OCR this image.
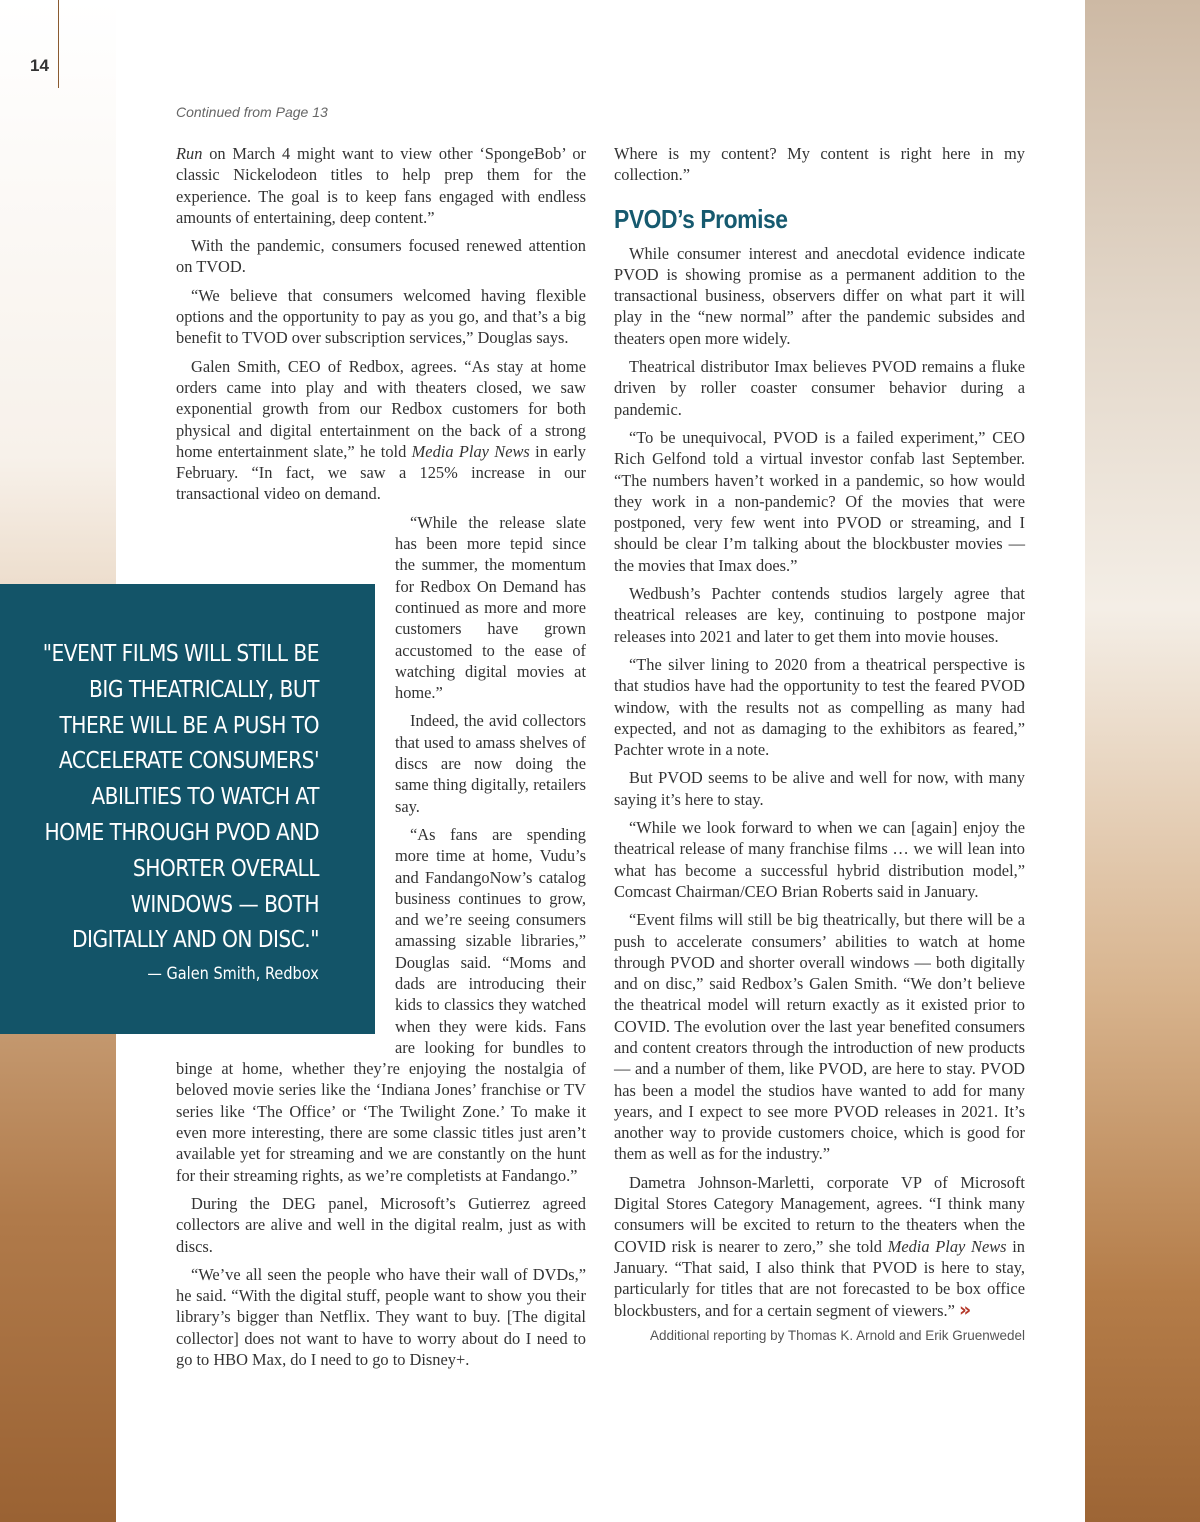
14
Continued from Page 13

Run on March 4 might want to view other ‘SpongeBob’ or classic Nickelodeon titles to help prep them for the experience. The goal is to keep fans engaged with endless amounts of entertaining, deep content.”

With the pandemic, consumers focused renewed attention on TVOD.

“We believe that consumers welcomed having flexible options and the opportunity to pay as you go, and that’s a big benefit to TVOD over subscription services,” Douglas says.

Galen Smith, CEO of Redbox, agrees. “As stay at home orders came into play and with theaters closed, we saw exponential growth from our Redbox customers for both physical and digital entertainment on the back of a strong home entertainment slate,” he told Media Play News in early February. “In fact, we saw a 125% increase in our transactional video on demand.

“While the release slate has been more tepid since the summer, the momentum for Redbox On Demand has continued as more and more customers have grown accustomed to the ease of watching digital movies at home.”

Indeed, the avid collectors that used to amass shelves of discs are now doing the same thing digitally, retailers say.

“As fans are spending more time at home, Vudu’s and FandangoNow’s catalog business continues to grow, and we’re seeing consumers amassing sizable libraries,” Douglas said. “Moms and dads are introducing their kids to classics they watched when they were kids. Fans are looking for bundles to binge at home, whether they’re enjoying the nostalgia of beloved movie series like the ‘Indiana Jones’ franchise or TV series like ‘The Office’ or ‘The Twilight Zone.’ To make it even more interesting, there are some classic titles just aren’t available yet for streaming and we are constantly on the hunt for their streaming rights, as we’re completists at Fandango.”

During the DEG panel, Microsoft’s Gutierrez agreed collectors are alive and well in the digital realm, just as with discs.

“We’ve all seen the people who have their wall of DVDs,” he said. “With the digital stuff, people want to show you their library’s bigger than Netflix. They want to buy. [The digital collector] does not want to have to worry about do I need to go to HBO Max, do I need to go to Disney+.

Where is my content? My content is right here in my collection.”

PVOD’s Promise

While consumer interest and anecdotal evidence indicate PVOD is showing promise as a permanent addition to the transactional business, observers differ on what part it will play in the “new normal” after the pandemic subsides and theaters open more widely.

Theatrical distributor Imax believes PVOD remains a fluke driven by roller coaster consumer behavior during a pandemic.

“To be unequivocal, PVOD is a failed experiment,” CEO Rich Gelfond told a virtual investor confab last September. “The numbers haven’t worked in a pandemic, so how would they work in a non-pandemic? Of the movies that were postponed, very few went into PVOD or streaming, and I should be clear I’m talking about the blockbuster movies — the movies that Imax does.”

Wedbush’s Pachter contends studios largely agree that theatrical releases are key, continuing to postpone major releases into 2021 and later to get them into movie houses.

“The silver lining to 2020 from a theatrical perspective is that studios have had the opportunity to test the feared PVOD window, with the results not as compelling as many had expected, and not as damaging to the exhibitors as feared,” Pachter wrote in a note.

But PVOD seems to be alive and well for now, with many saying it’s here to stay.

“While we look forward to when we can [again] enjoy the theatrical release of many franchise films … we will lean into what has become a successful hybrid distribution model,” Comcast Chairman/CEO Brian Roberts said in January.

“Event films will still be big theatrically, but there will be a push to accelerate consumers’ abilities to watch at home through PVOD and shorter overall windows — both digitally and on disc,” said Redbox’s Galen Smith. “We don’t believe the theatrical model will return exactly as it existed prior to COVID. The evolution over the last year benefited consumers and content creators through the introduction of new products — and a number of them, like PVOD, are here to stay. PVOD has been a model the studios have wanted to add for many years, and I expect to see more PVOD releases in 2021. It’s another way to provide customers choice, which is good for them as well as for the industry.”

Dametra Johnson-Marletti, corporate VP of Microsoft Digital Stores Category Management, agrees. “I think many consumers will be excited to return to the theaters when the COVID risk is nearer to zero,” she told Media Play News in January. “That said, I also think that PVOD is here to stay, particularly for titles that are not forecasted to be box office blockbusters, and for a certain segment of viewers.” »

Additional reporting by Thomas K. Arnold and Erik Gruenwedel
"EVENT FILMS WILL STILL BE BIG THEATRICALLY, BUT THERE WILL BE A PUSH TO ACCELERATE CONSUMERS' ABILITIES TO WATCH AT HOME THROUGH PVOD AND SHORTER OVERALL WINDOWS — BOTH DIGITALLY AND ON DISC."
— Galen Smith, Redbox
